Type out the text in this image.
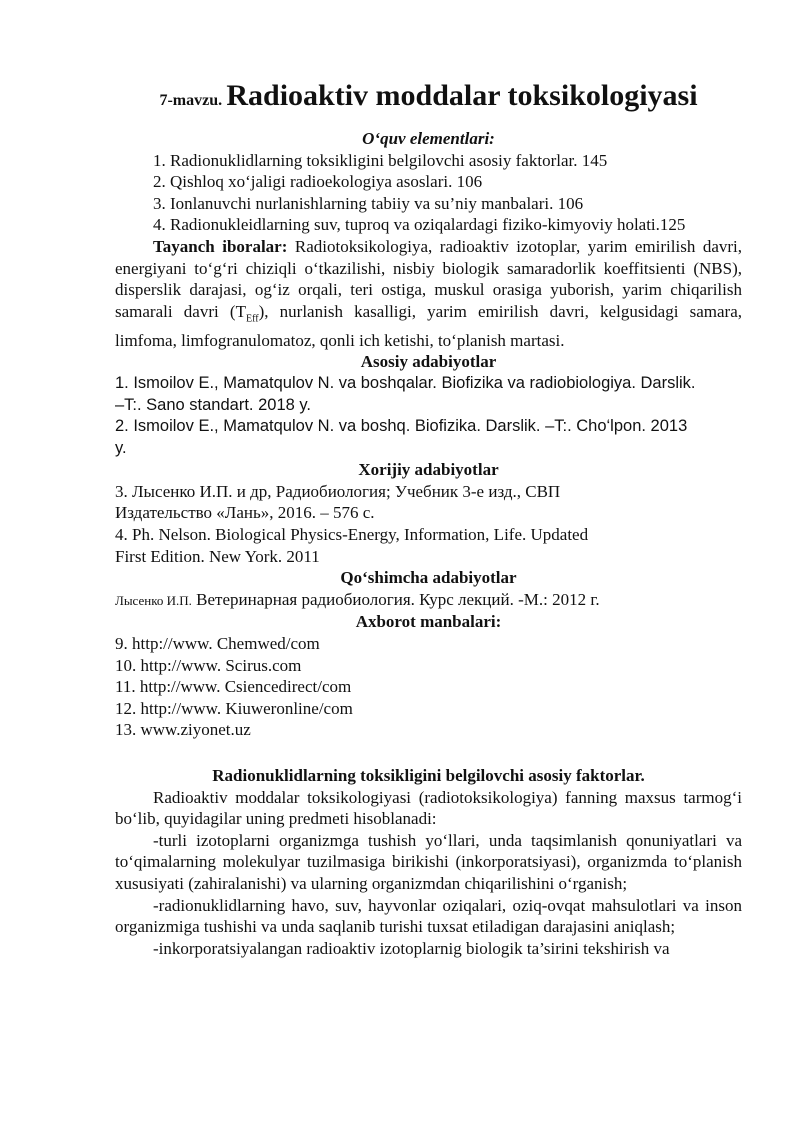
7-mavzu. Radioaktiv moddalar toksikologiyasi

O‘quv elementlari:

1. Radionuklidlarning toksikligini belgilovchi asosiy faktorlar. 145

2. Qishloq xo‘jaligi radioekologiya asoslari. 106

3. Ionlanuvchi nurlanishlarning tabiiy va su’niy manbalari. 106

4. Radionukleidlarning suv, tuproq va oziqalardagi fiziko-kimyoviy holati.125

Tayanch iboralar: Radiotoksikologiya, radioaktiv izotoplar, yarim emirilish davri, energiyani to‘g‘ri chiziqli o‘tkazilishi, nisbiy biologik samaradorlik koeffitsienti (NBS), disperslik darajasi, og‘iz orqali, teri ostiga, muskul orasiga yuborish, yarim chiqarilish samarali davri $(T_{Eff})$, nurlanish kasalligi, yarim emirilish davri, kelgusidagi samara, limfoma, limfogranulomatoz, qonli ich ketishi, to‘planish martasi.

Asosiy adabiyotlar

1. Ismoilov E., Mamatqulov N. va boshqalar. Biofizika va radiobiologiya. Darslik.

–T:. Sano standart. 2018 y.

2. Ismoilov E., Mamatqulov N. va boshq. Biofizika. Darslik. –T:. Cho‘lpon. 2013

y.

Xorijiy adabiyotlar

3. Лысенко И.П. и др, Радиобиология; Учебник 3-е изд., СВП

Издательство «Лань», 2016. – 576 с.

4. Ph. Nelson. Biological Physics-Energy, Information, Life. Updated

First Edition. New York. 2011

Qo‘shimcha adabiyotlar

Лысенко И.П. Ветеринарная радиобиология. Курс лекций. -М.: 2012 г.

Axborot manbalari:

9. http://www. Chemwed/com

10. http://www. Scirus.com

11. http://www. Csiencedirect/com

12. http://www. Kiuweronline/com

13. www.ziyonet.uz

Radionuklidlarning toksikligini belgilovchi asosiy faktorlar.

Radioaktiv moddalar toksikologiyasi (radiotoksikologiya) fanning maxsus tarmog‘i bo‘lib, quyidagilar uning predmeti hisoblanadi:

-turli izotoplarni organizmga tushish yo‘llari, unda taqsimlanish qonuniyatlari va to‘qimalarning molekulyar tuzilmasiga birikishi (inkorporatsiyasi), organizmda to‘planish xususiyati (zahiralanishi) va ularning organizmdan chiqarilishini o‘rganish;

-radionuklidlarning havo, suv, hayvonlar oziqalari, oziq-ovqat mahsulotlari va inson organizmiga tushishi va unda saqlanib turishi tuxsat etiladigan darajasini aniqlash;

-inkorporatsiyalangan radioaktiv izotoplarnig biologik ta’sirini tekshirish va
